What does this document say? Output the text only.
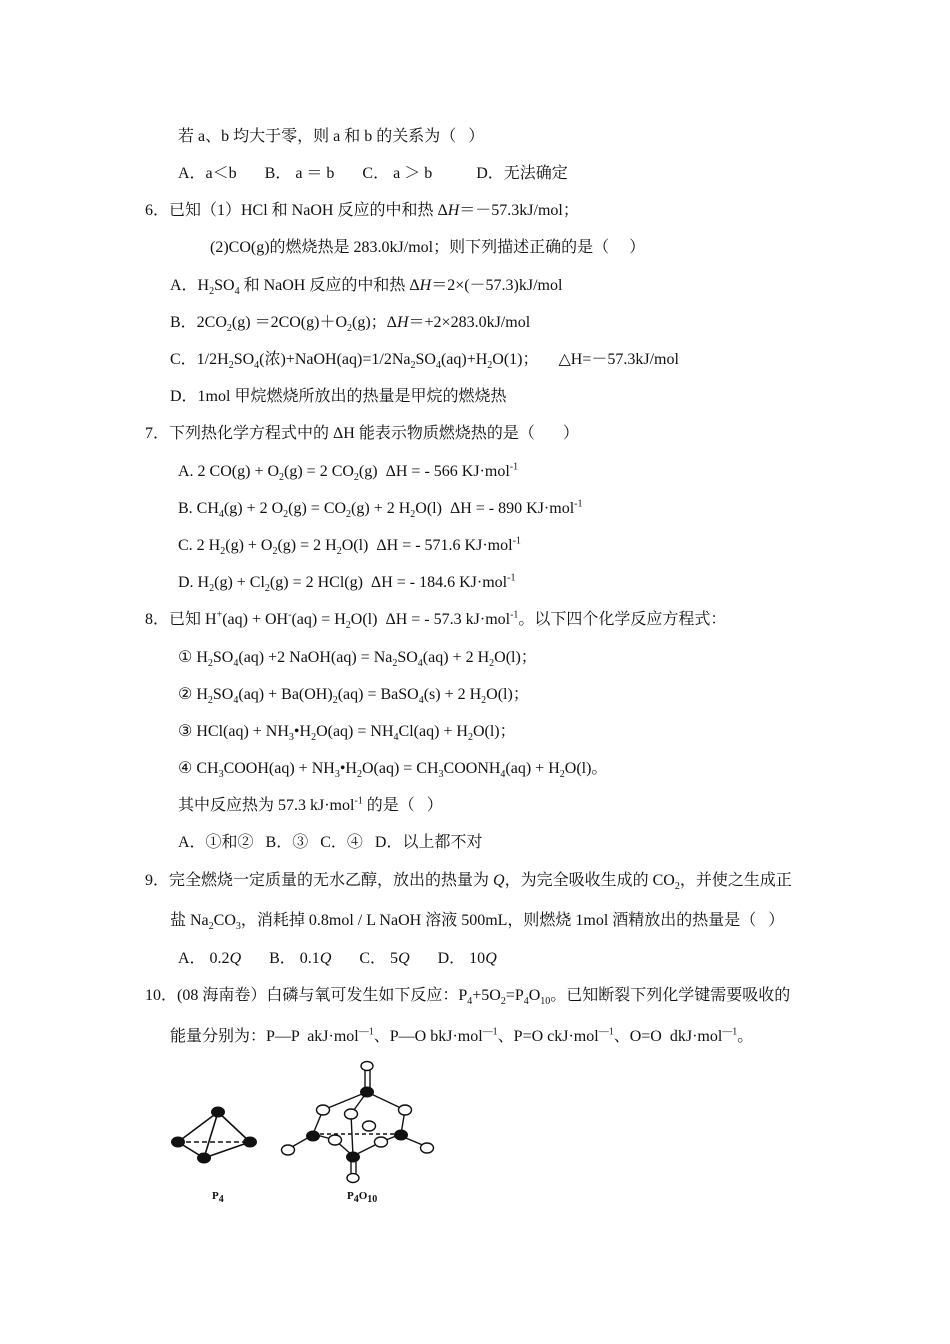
若 a、b 均大于零，则 a 和 b 的关系为（   ）
A．a＜b       B． a ＝ b       C． a ＞ b           D．无法确定
6．已知（1）HCl 和 NaOH 反应的中和热 ΔH＝－57.3kJ/mol；
(2)CO(g)的燃烧热是 283.0kJ/mol；则下列描述正确的是（     ）
A．$H_2SO_4$ 和 NaOH 反应的中和热 ΔH＝2×(－57.3)kJ/mol
B．$2CO_2(g) =2CO(g)+O_2(g)$；ΔH＝+2×283.0kJ/mol
C．$1/2H_2SO_4$(浓)$+NaOH(aq)=1/2Na_2SO_4(aq)+H_2O(1)$；     △H=－57.3kJ/mol
D．1mol 甲烷燃烧所放出的热量是甲烷的燃烧热
7．下列热化学方程式中的 ΔH 能表示物质燃烧热的是（       ）
A. 2 $CO(g) + O_2(g) = 2$ $CO_2(g) \Delta H$ = - 566 KJ·mol$^{-1}$
B. $CH_4(g) + 2$ $O_2(g) = CO_2(g) + 2$ $H_2O(l) \Delta H$ = - 890 KJ·mol$^{-1}$
C. 2 $H_2(g) + O_2(g) = 2$ $H_2O(l) \Delta H$ = - 571.6 KJ·mol$^{-1}$
D. $H_2(g) + Cl_2(g) = 2$ HCl(g)  ΔH = - 184.6 KJ·mol$^{-1}$
8．已知 $H^+(aq) + OH^-(aq) = H_2O(l) \Delta H$ = - 57.3 kJ·mol$^{-1}$。以下四个化学反应方程式：
① $H_2SO_4(aq) +2$ NaOH(aq) = $Na_2SO_4(aq) + 2$ $H_2O(l)$；
② $H_2SO_4(aq) + Ba(OH)_2(aq)$ = BaSO$_4$(s) + 2 $H_2O(l)$；
③ $HCl(aq) + NH_3•H_2O(aq) = NH_4Cl(aq) + H_2O(l)$；
④ $CH_3COOH(aq)$ + $NH_3•H_2O(aq)$ = $CH_3COONH_4(aq) + H_2O(l)$。
其中反应热为 57.3 kJ·mol$^{-1}$ 的是（   ）
A．①和②   B．③   C．④   D．以上都不对
9．完全燃烧一定质量的无水乙醇，放出的热量为 Q，为完全吸收生成的 $CO_2$，并使之生成正
盐 $Na_2CO_3$，消耗掉 0.8mol / L NaOH 溶液 500mL，则燃烧 1mol 酒精放出的热量是（   ）
A． 0.2Q       B． 0.1Q       C． 5Q       D． 10Q
10．(08 海南卷）白磷与氧可发生如下反应：$P_4+5O_2=P_4O_{10}$。已知断裂下列化学键需要吸收的
能量分别为：P—P  akJ·mol$^{—1}$、P—O bkJ·mol$^{—1}$、P=O ckJ·mol$^{—1}$、O=O  dkJ·mol$^{—1}$。
$P_4$	$P_4O_{10}$
